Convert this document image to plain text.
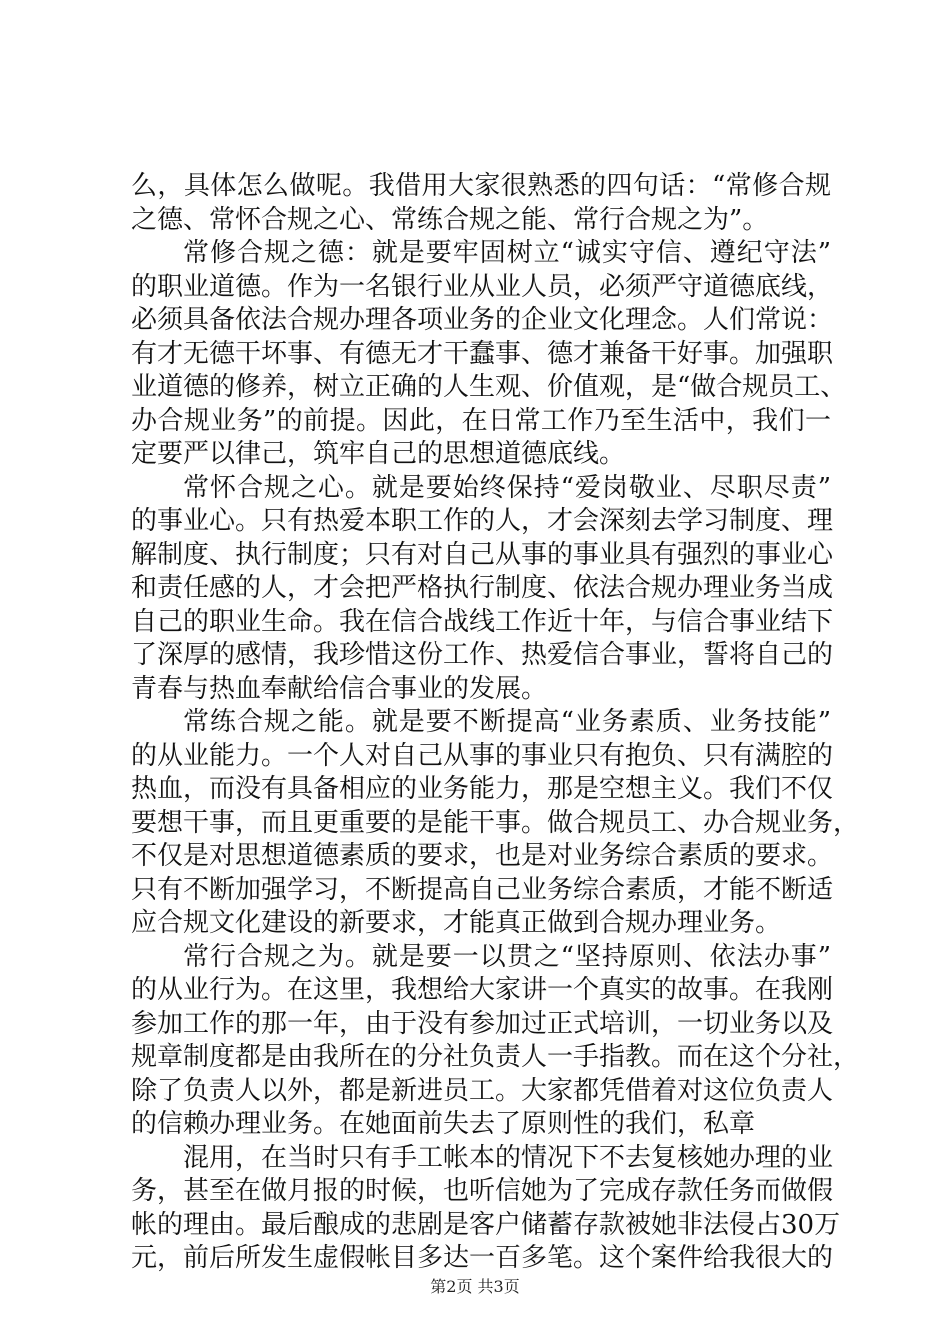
么，具体怎么做呢。我借用大家很熟悉的四句话：“常修合规
之德、常怀合规之心、常练合规之能、常行合规之为”。
常修合规之德：就是要牢固树立“诚实守信、遵纪守法”
的职业道德。作为一名银行业从业人员，必须严守道德底线，
必须具备依法合规办理各项业务的企业文化理念。人们常说：
有才无德干坏事、有德无才干蠢事、德才兼备干好事。加强职
业道德的修养，树立正确的人生观、价值观，是“做合规员工、
办合规业务”的前提。因此，在日常工作乃至生活中，我们一
定要严以律己，筑牢自己的思想道德底线。
常怀合规之心。就是要始终保持“爱岗敬业、尽职尽责”
的事业心。只有热爱本职工作的人，才会深刻去学习制度、理
解制度、执行制度；只有对自己从事的事业具有强烈的事业心
和责任感的人，才会把严格执行制度、依法合规办理业务当成
自己的职业生命。我在信合战线工作近十年，与信合事业结下
了深厚的感情，我珍惜这份工作、热爱信合事业，誓将自己的
青春与热血奉献给信合事业的发展。
常练合规之能。就是要不断提高“业务素质、业务技能”
的从业能力。一个人对自己从事的事业只有抱负、只有满腔的
热血，而没有具备相应的业务能力，那是空想主义。我们不仅
要想干事，而且更重要的是能干事。做合规员工、办合规业务，
不仅是对思想道德素质的要求，也是对业务综合素质的要求。
只有不断加强学习，不断提高自己业务综合素质，才能不断适
应合规文化建设的新要求，才能真正做到合规办理业务。
常行合规之为。就是要一以贯之“坚持原则、依法办事”
的从业行为。在这里，我想给大家讲一个真实的故事。在我刚
参加工作的那一年，由于没有参加过正式培训，一切业务以及
规章制度都是由我所在的分社负责人一手指教。而在这个分社，
除了负责人以外，都是新进员工。大家都凭借着对这位负责人
的信赖办理业务。在她面前失去了原则性的我们，私章
混用，在当时只有手工帐本的情况下不去复核她办理的业
务，甚至在做月报的时候，也听信她为了完成存款任务而做假
帐的理由。最后酿成的悲剧是客户储蓄存款被她非法侵占30万
元，前后所发生虚假帐目多达一百多笔。这个案件给我很大的
第2页 共3页
